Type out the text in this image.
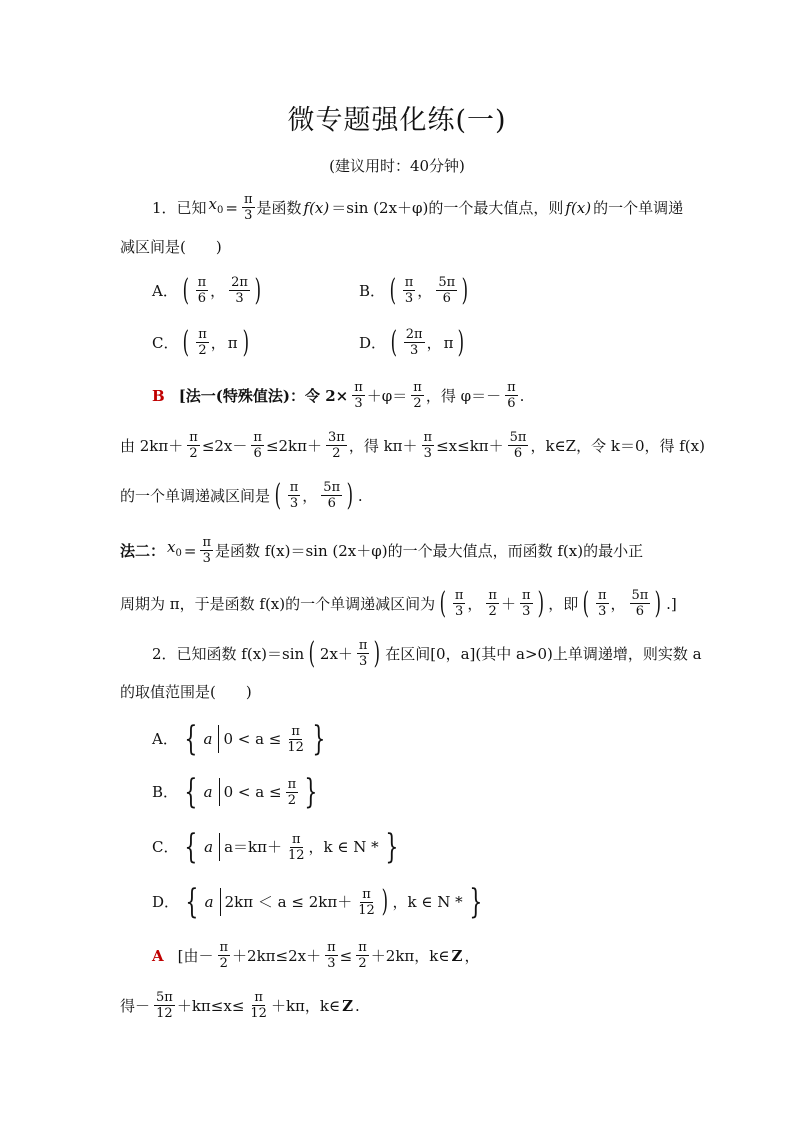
微专题强化练(一)
(建议用时：40分钟)
1．已知 $x_0 = \frac{\pi}{3}$ 是函数 f(x) ＝sin (2x＋φ)的一个最大值点，则 f(x) 的一个单调递
减区间是(　　)
A． ( $\frac{\pi}{6}$ ， $\frac{2\pi}{3}$ )	B． ( $\frac{\pi}{3}$ ， $\frac{5\pi}{6}$ )
C． ( $\frac{\pi}{2}$ ， π )	D． ( $\frac{2\pi}{3}$ ， π )
B [法一(特殊值法)：令 $2\times \frac{\pi}{3} +\varphi= \frac{\pi}{2}$ ，得 $\varphi=- \frac{\pi}{6}$ .
由 $2k\pi+ \frac{\pi}{2} \le 2x- \frac{\pi}{6} \le 2k\pi+ \frac{3\pi}{2}$ ，得 $k\pi+ \frac{\pi}{3} \le x\le k\pi+ \frac{5\pi}{6}$ ，k∈Z，令 k＝0，得 f(x)
的一个单调递减区间是 ( $\frac{\pi}{3}$ ， $\frac{5\pi}{6}$ ) .
法二： $x_0 = \frac{\pi}{3}$ 是函数 f(x)＝sin (2x＋φ)的一个最大值点，而函数 f(x)的最小正
周期为 π，于是函数 f(x)的一个单调递减区间为 ( $\frac{\pi}{3}$ ， $\frac{\pi}{2} + \frac{\pi}{3}$ ) ，即 ( $\frac{\pi}{3}$ ， $\frac{5\pi}{6}$ ) .]
2．已知函数 f(x)＝sin ( $2x+ \frac{\pi}{3}$ ) 在区间[0，a](其中 a>0)上单调递增，则实数 a
的取值范围是(　　)
A． { a $0 < a \le \frac{\pi}{12}$ }
B． { a $0 < a \le \frac{\pi}{2}$ }
C． { a $a=k\pi+ \frac{\pi}{12}$ ，k ∈ N * }
D． { a $2k\pi < a \le 2k\pi+ \frac{\pi}{12}$ ) ，k ∈ N * }
A [由－ $\frac{\pi}{2} +2k\pi\le 2x+ \frac{\pi}{3} \le \frac{\pi}{2} +2k\pi$，k∈ Z ，
得－ $\frac{5\pi}{12} +k\pi\le x\le \frac{\pi}{12} +k\pi$，k∈ Z .
